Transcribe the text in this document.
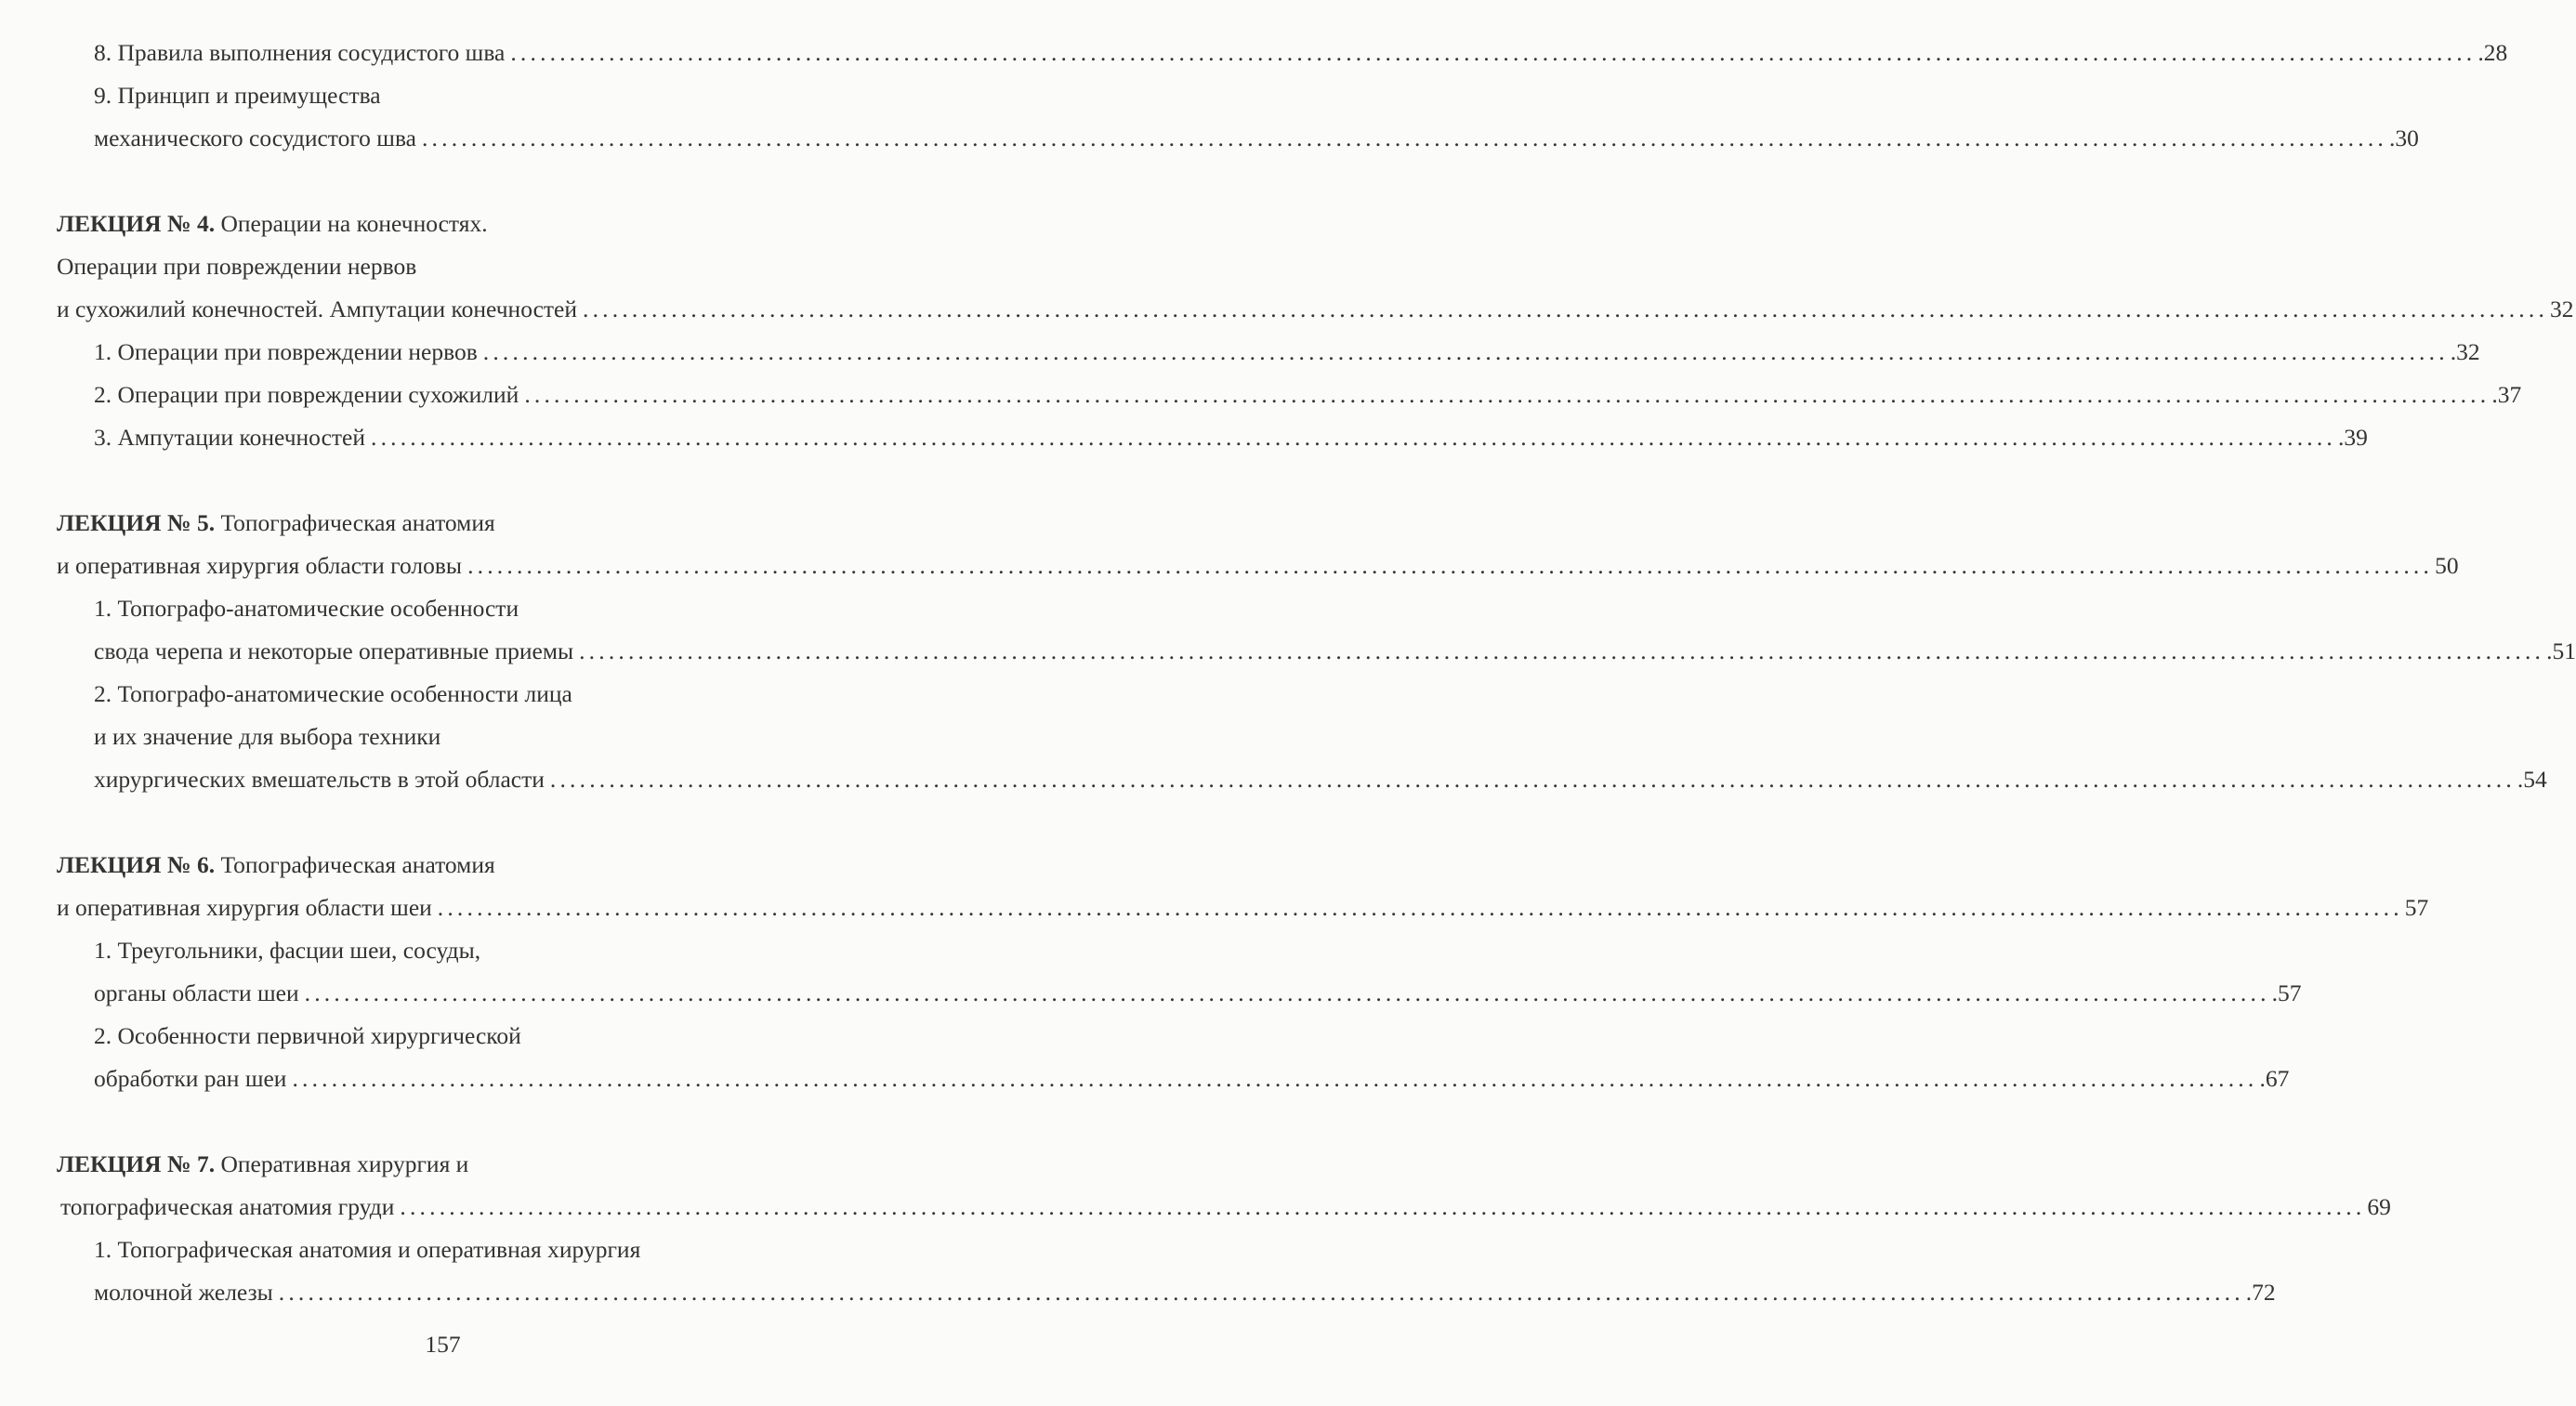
8. Правила выполнения сосудистого шва ........................................................................................................................................................................................................ .28
9. Принцип и преимущества
механического сосудистого шва ........................................................................................................................................................................................................ .30
ЛЕКЦИЯ № 4. Операции на конечностях.
Операции при повреждении нервов
и сухожилий конечностей. Ампутации конечностей ........................................................................................................................................................................................................ 32
1. Операции при повреждении нервов ........................................................................................................................................................................................................ .32
2. Операции при повреждении сухожилий ........................................................................................................................................................................................................ .37
3. Ампутации конечностей ........................................................................................................................................................................................................ .39
ЛЕКЦИЯ № 5. Топографическая анатомия
и оперативная хирургия области головы ........................................................................................................................................................................................................ 50
1. Топографо-анатомические особенности
свода черепа и некоторые оперативные приемы ........................................................................................................................................................................................................ .51
2. Топографо-анатомические особенности лица
и их значение для выбора техники
хирургических вмешательств в этой области ........................................................................................................................................................................................................ .54
ЛЕКЦИЯ № 6. Топографическая анатомия
и оперативная хирургия области шеи ........................................................................................................................................................................................................ 57
1. Треугольники, фасции шеи, сосуды,
органы области шеи ........................................................................................................................................................................................................ .57
2. Особенности первичной хирургической
обработки ран шеи ........................................................................................................................................................................................................ .67
ЛЕКЦИЯ № 7. Оперативная хирургия и
топографическая анатомия груди ........................................................................................................................................................................................................ 69
1. Топографическая анатомия и оперативная хирургия
молочной железы ........................................................................................................................................................................................................ .72
157
